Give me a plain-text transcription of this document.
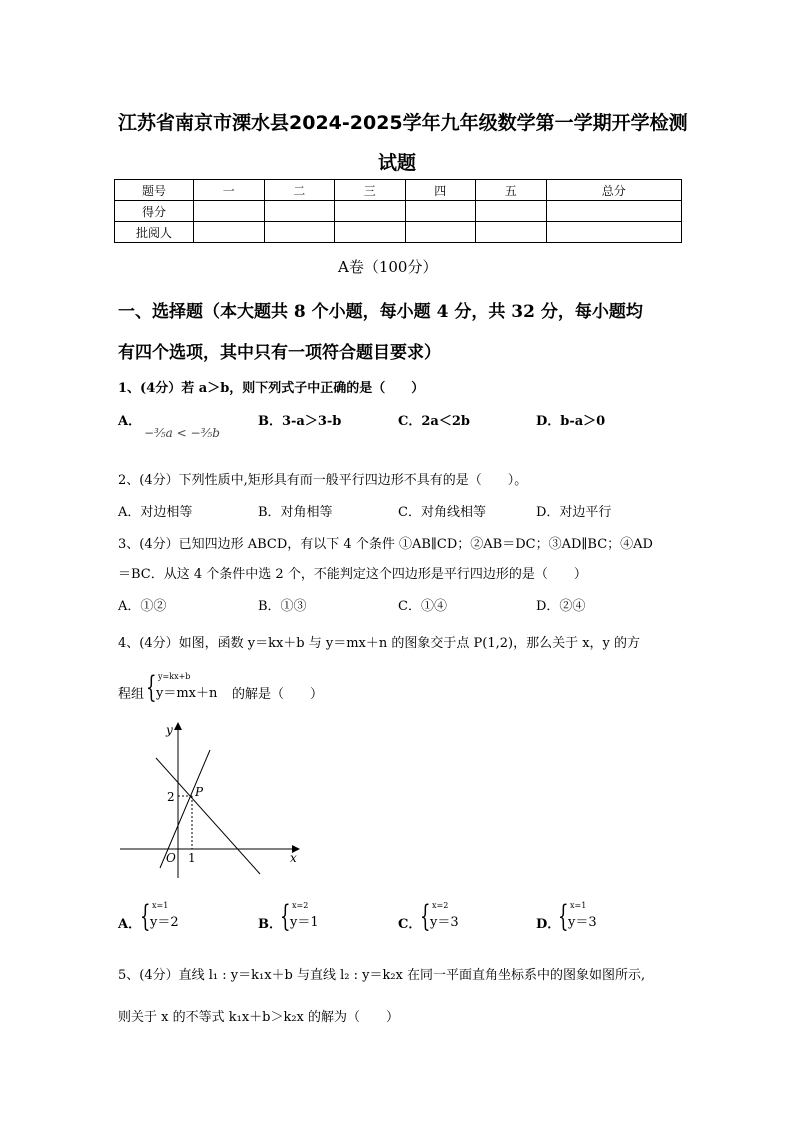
江苏省南京市溧水县2024-2025学年九年级数学第一学期开学检测
试题
题号	一	二	三	四	五	总分
得分						
批阅人						
A卷（100分）
一、选择题（本大题共 8 个小题，每小题 4 分，共 32 分，每小题均
有四个选项，其中只有一项符合题目要求）
1、(4分）若 a＞b，则下列式子中正确的是（　　）
A．
−⅗a < −⅗b
B．3-a＞3-b	C．2a＜2b	D．b-a＞0
2、(4分）下列性质中,矩形具有而一般平行四边形不具有的是（　　）。
A．对边相等	B．对角相等	C．对角线相等	D．对边平行
3、(4分）已知四边形 ABCD，有以下 4 个条件 ①AB∥CD；②AB＝DC；③AD∥BC；④AD
＝BC．从这 4 个条件中选 2 个，不能判定这个四边形是平行四边形的是（　　）
A．①②	B．①③	C．①④	D．②④
4、(4分）如图，函数 y＝kx＋b 与 y＝mx＋n 的图象交于点 P(1,2)，那么关于 x，y 的方
程组 { y=kx+b
y＝mx＋n 的解是（　　）
y
x
O 1
2 P
A．
{ x=1
y＝2	B．
{ x=2
y＝1	C．
{ x=2
y＝3	D．
{ x=1
y＝3
5、(4分）直线 l₁ : y＝k₁x＋b 与直线 l₂ : y＝k₂x 在同一平面直角坐标系中的图象如图所示,
则关于 x 的不等式 k₁x＋b＞k₂x 的解为（　　）
